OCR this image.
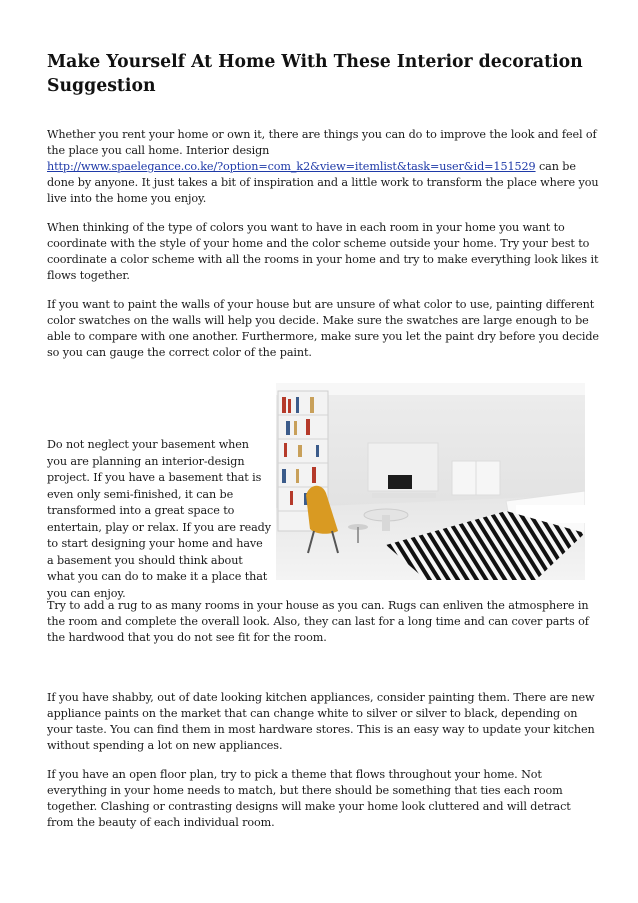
Make Yourself At Home With These Interior decoration Suggestion

Whether you rent your home or own it, there are things you can do to improve the look and feel of the place you call home. Interior design
http://www.spaelegance.co.ke/?option=com_k2&view=itemlist&task=user&id=151529 can be done by anyone. It just takes a bit of inspiration and a little work to transform the place where you live into the home you enjoy.

When thinking of the type of colors you want to have in each room in your home you want to coordinate with the style of your home and the color scheme outside your home. Try your best to coordinate a color scheme with all the rooms in your home and try to make everything look likes it flows together.

If you want to paint the walls of your house but are unsure of what color to use, painting different color swatches on the walls will help you decide. Make sure the swatches are large enough to be able to compare with one another. Furthermore, make sure you let the paint dry before you decide so you can gauge the correct color of the paint.

Do not neglect your basement when you are planning an interior-design project. If you have a basement that is even only semi-finished, it can be transformed into a great space to entertain, play or relax. If you are ready to start designing your home and have a basement you should think about what you can do to make it a place that you can enjoy.

Try to add a rug to as many rooms in your house as you can. Rugs can enliven the atmosphere in the room and complete the overall look. Also, they can last for a long time and can cover parts of the hardwood that you do not see fit for the room.

If you have shabby, out of date looking kitchen appliances, consider painting them. There are new appliance paints on the market that can change white to silver or silver to black, depending on your taste. You can find them in most hardware stores. This is an easy way to update your kitchen without spending a lot on new appliances.

If you have an open floor plan, try to pick a theme that flows throughout your home. Not everything in your home needs to match, but there should be something that ties each room together. Clashing or contrasting designs will make your home look cluttered and will detract from the beauty of each individual room.
